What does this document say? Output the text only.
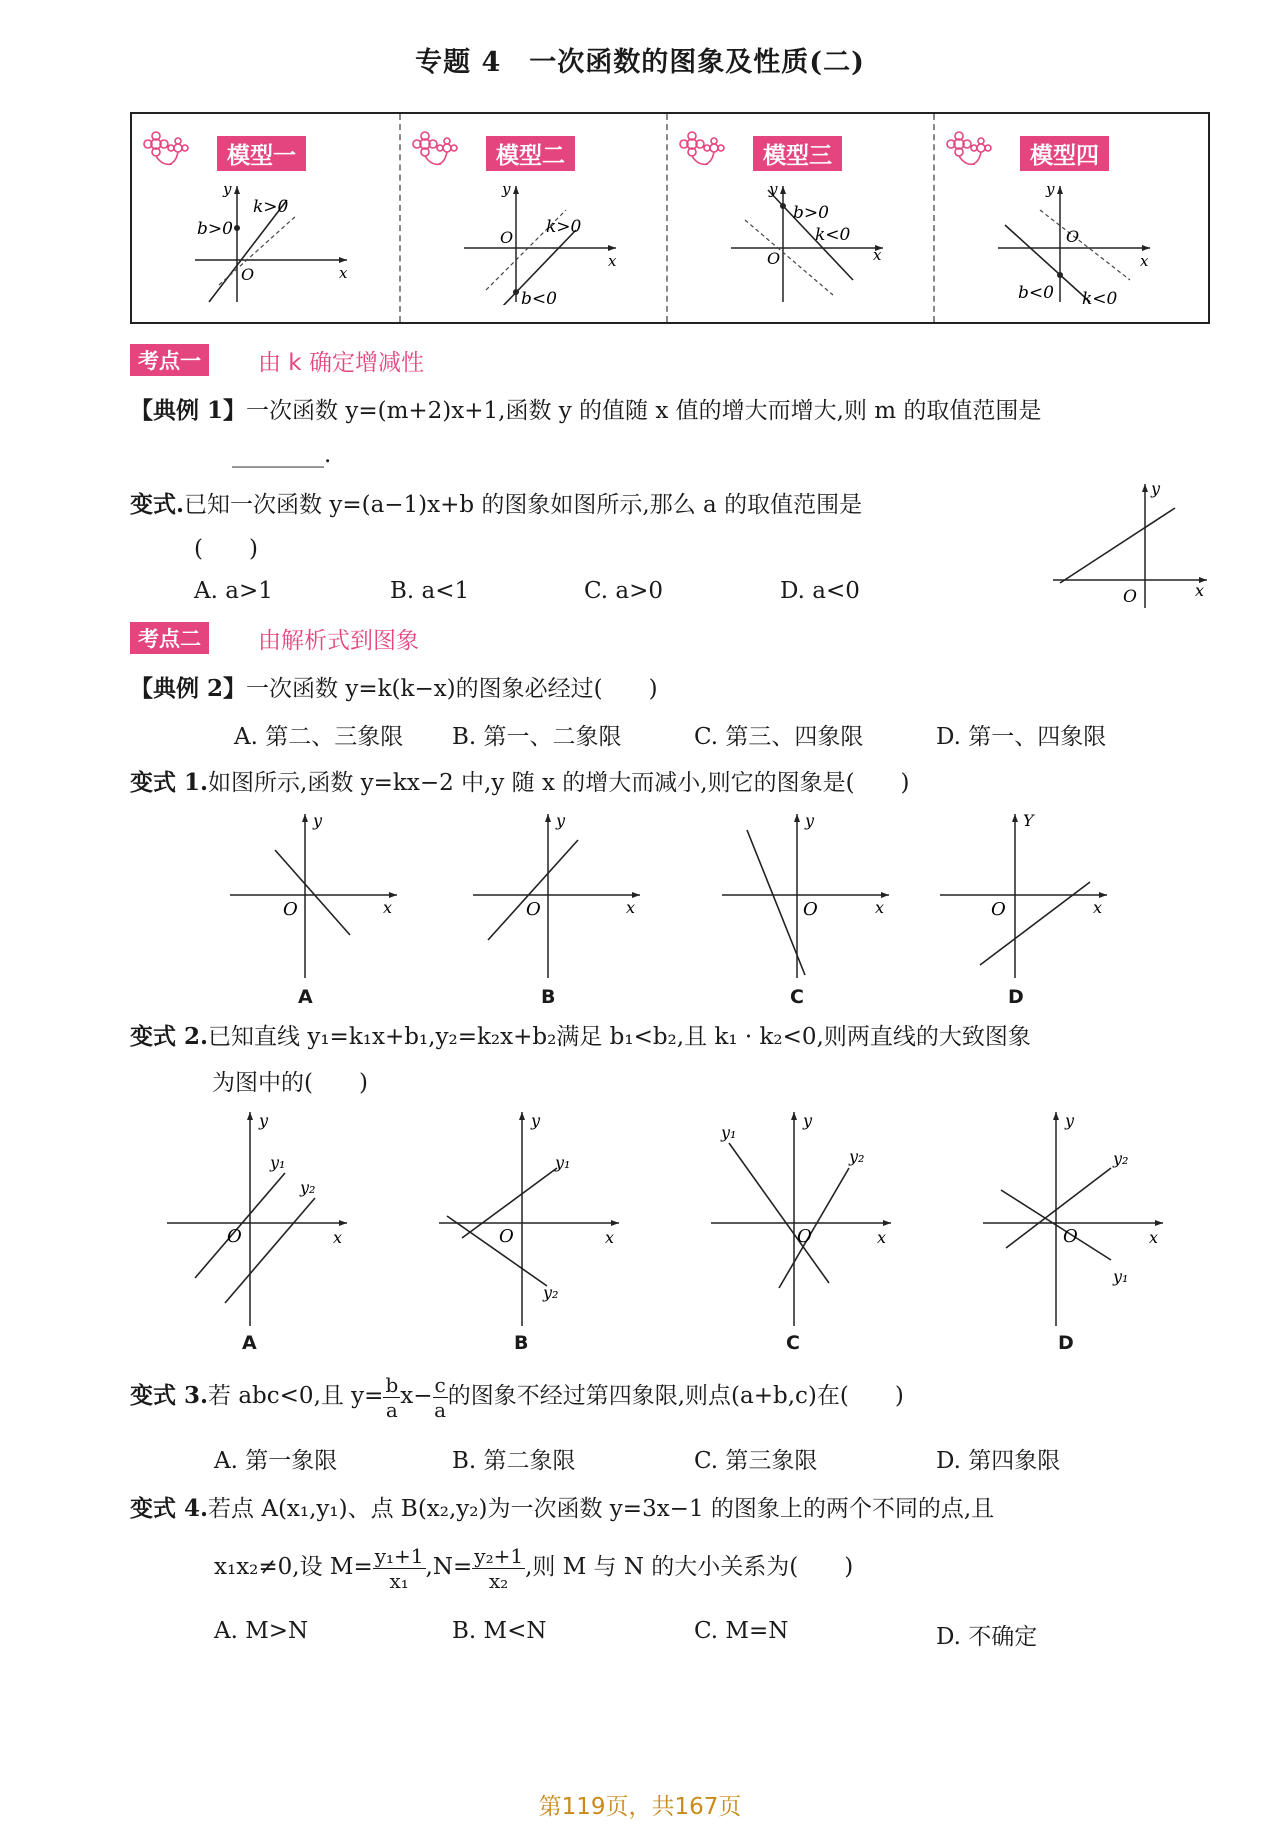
专题 4　一次函数的图象及性质(二)
模型一
k>0
b>0
O	x
y
模型二
k>0
b<0
O
x
y
模型三
b>0
k<0
O	x
y
模型四
k<0
b<0
O
x
y
考点一	由 k 确定增减性
【典例 1】一次函数 y=(m+2)x+1,函数 y 的值随 x 值的增大而增大,则 m 的取值范围是
________.
变式.已知一次函数 y=(a−1)x+b 的图象如图所示,那么 a 的取值范围是
(　　)
A. a>1	B. a<1	C. a>0	D. a<0	O	x
y
考点二	由解析式到图象
【典例 2】一次函数 y=k(k−x)的图象必经过(　　)
A. 第二、三象限 B. 第一、二象限	C. 第三、四象限	D. 第一、四象限
变式 1.如图所示,函数 y=kx−2 中,y 随 x 的增大而减小,则它的图象是(　　)
O	x
y
A
O	x
y
B
O	x
y
C
O	x
Y
D
变式 2.已知直线 y₁=k₁x+b₁,y₂=k₂x+b₂满足 b₁<b₂,且 k₁ · k₂<0,则两直线的大致图象
为图中的(　　)
O	x
y
y₁
y₂
A
O	x
y
y₁
y₂
B
O	x
y
y₁
y₂
C
O	x
y
y₂
y₁
D
变式 3.若 abc<0,且 $y= \frac{b}{a} x- \frac{c}{a}$ 的图象不经过第四象限,则点(a+b,c)在(　　)
A. 第一象限	B. 第二象限	C. 第三象限	D. 第四象限
变式 4.若点 A(x₁,y₁)、点 B(x₂,y₂)为一次函数 y=3x−1 的图象上的两个不同的点,且
x₁x₂≠0,设 $M= \frac{\text{y₁+1}}{\text{x₁}} ,N= \frac{\text{y₂+1}}{\text{x₂}}$ ,则 M 与 N 的大小关系为(　　)
A. M>N	B. M<N	C. M=N	D. 不确定
第119页，共167页
